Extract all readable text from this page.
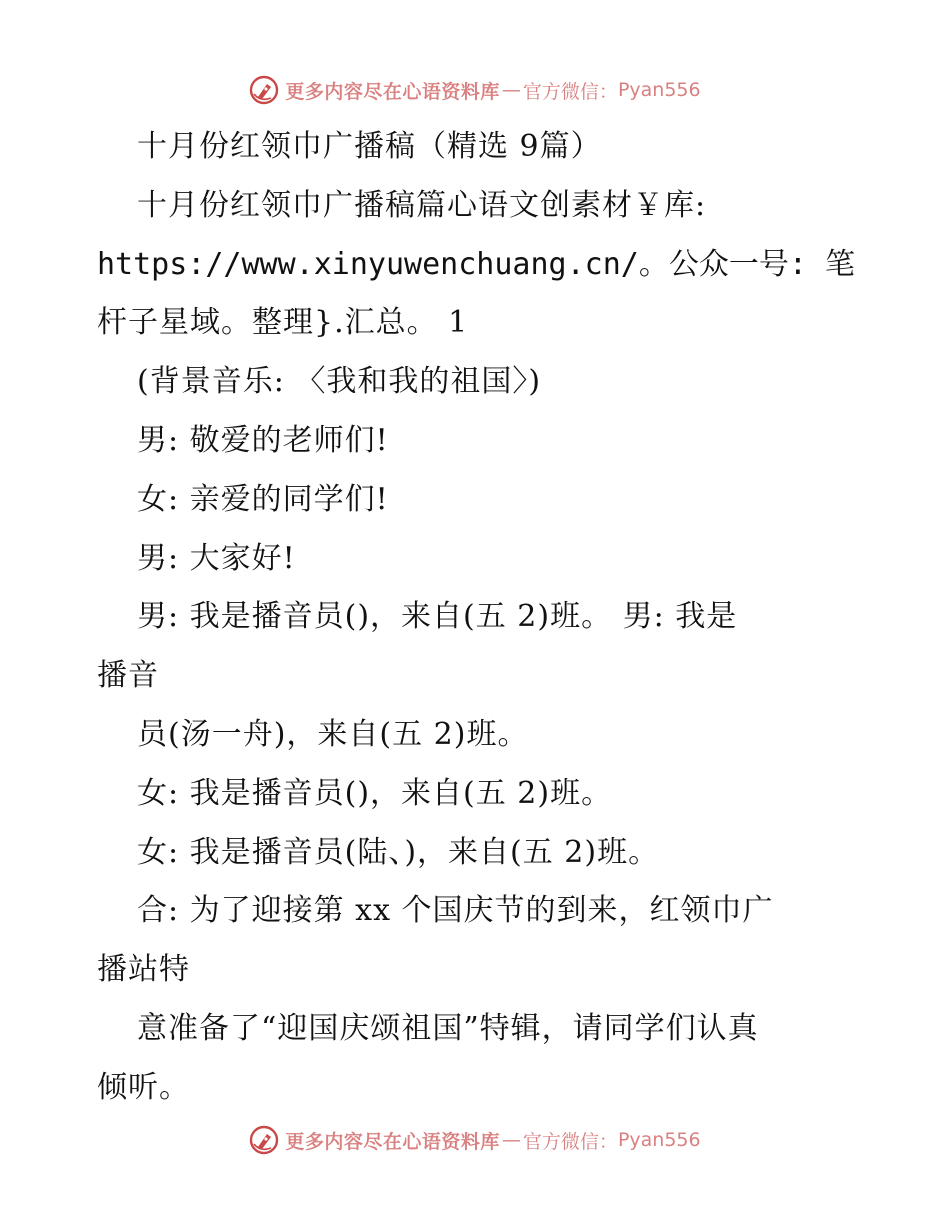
更多内容尽在心语资料库 — 官方微信： Pyan556
十月份红领巾广播稿（精选 9篇）
十月份红领巾广播稿篇心语文创素材￥库:
https://www.xinyuwenchuang.cn/。公众一号: 笔
杆子星域。整理}.汇总。 1
(背景音乐: 〈我和我的祖国〉)
男: 敬爱的老师们!
女: 亲爱的同学们!
男: 大家好!
男: 我是播音员()，来自(五 2)班。 男: 我是
播音
员(汤一舟)，来自(五 2)班。
女: 我是播音员()，来自(五 2)班。
女: 我是播音员(陆、)，来自(五 2)班。
合: 为了迎接第 xx 个国庆节的到来，红领巾广
播站特
意准备了“迎国庆颂祖国”特辑，请同学们认真
倾听。
更多内容尽在心语资料库 — 官方微信： Pyan556
